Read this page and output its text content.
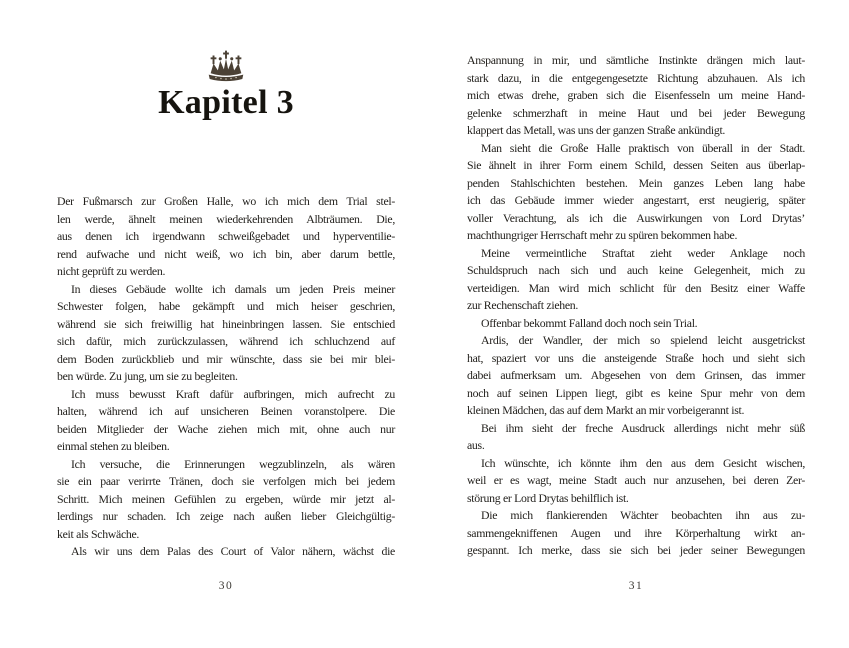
Kapitel 3
Der Fußmarsch zur Großen Halle, wo ich mich dem Trial stel-
len werde, ähnelt meinen wiederkehrenden Albträumen. Die,
aus denen ich irgendwann schweißgebadet und hyperventilie-
rend aufwache und nicht weiß, wo ich bin, aber darum bettle,
nicht geprüft zu werden.
In dieses Gebäude wollte ich damals um jeden Preis meiner
Schwester folgen, habe gekämpft und mich heiser geschrien,
während sie sich freiwillig hat hineinbringen lassen. Sie entschied
sich dafür, mich zurückzulassen, während ich schluchzend auf
dem Boden zurückblieb und mir wünschte, dass sie bei mir blei-
ben würde. Zu jung, um sie zu begleiten.
Ich muss bewusst Kraft dafür aufbringen, mich aufrecht zu
halten, während ich auf unsicheren Beinen voranstolpere. Die
beiden Mitglieder der Wache ziehen mich mit, ohne auch nur
einmal stehen zu bleiben.
Ich versuche, die Erinnerungen wegzublinzeln, als wären
sie ein paar verirrte Tränen, doch sie verfolgen mich bei jedem
Schritt. Mich meinen Gefühlen zu ergeben, würde mir jetzt al-
lerdings nur schaden. Ich zeige nach außen lieber Gleichgültig-
keit als Schwäche.
Als wir uns dem Palas des Court of Valor nähern, wächst die
30
Anspannung in mir, und sämtliche Instinkte drängen mich laut-
stark dazu, in die entgegengesetzte Richtung abzuhauen. Als ich
mich etwas drehe, graben sich die Eisenfesseln um meine Hand-
gelenke schmerzhaft in meine Haut und bei jeder Bewegung
klappert das Metall, was uns der ganzen Straße ankündigt.
Man sieht die Große Halle praktisch von überall in der Stadt.
Sie ähnelt in ihrer Form einem Schild, dessen Seiten aus überlap-
penden Stahlschichten bestehen. Mein ganzes Leben lang habe
ich das Gebäude immer wieder angestarrt, erst neugierig, später
voller Verachtung, als ich die Auswirkungen von Lord Drytas’
machthungriger Herrschaft mehr zu spüren bekommen habe.
Meine vermeintliche Straftat zieht weder Anklage noch
Schuldspruch nach sich und auch keine Gelegenheit, mich zu
verteidigen. Man wird mich schlicht für den Besitz einer Waffe
zur Rechenschaft ziehen.
Offenbar bekommt Falland doch noch sein Trial.
Ardis, der Wandler, der mich so spielend leicht ausgetrickst
hat, spaziert vor uns die ansteigende Straße hoch und sieht sich
dabei aufmerksam um. Abgesehen von dem Grinsen, das immer
noch auf seinen Lippen liegt, gibt es keine Spur mehr von dem
kleinen Mädchen, das auf dem Markt an mir vorbeigerannt ist.
Bei ihm sieht der freche Ausdruck allerdings nicht mehr süß
aus.
Ich wünschte, ich könnte ihm den aus dem Gesicht wischen,
weil er es wagt, meine Stadt auch nur anzusehen, bei deren Zer-
störung er Lord Drytas behilflich ist.
Die mich flankierenden Wächter beobachten ihn aus zu-
sammengekniffenen Augen und ihre Körperhaltung wirkt an-
gespannt. Ich merke, dass sie sich bei jeder seiner Bewegungen
31
